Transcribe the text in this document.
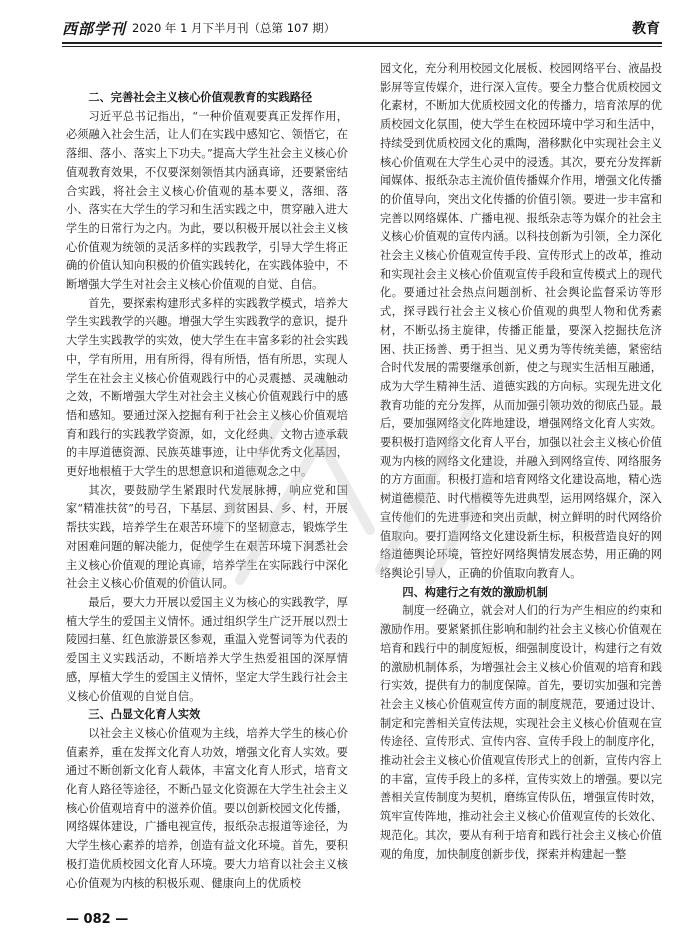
西部学刊 2020 年 1 月下半月刊（总第 107 期）	教育
二、完善社会主义核心价值观教育的实践路径

习近平总书记指出，“一种价值观要真正发挥作用，必须融入社会生活，让人们在实践中感知它、领悟它，在落细、落小、落实上下功夫。”提高大学生社会主义核心价值观教育效果，不仅要深刻领悟其内涵真谛，还要紧密结合实践，将社会主义核心价值观的基本要义，落细、落小、落实在大学生的学习和生活实践之中，贯穿融入进大学生的日常行为之内。为此，要以积极开展以社会主义核心价值观为统领的灵活多样的实践教学，引导大学生将正确的价值认知向积极的价值实践转化，在实践体验中，不断增强大学生对社会主义核心价值观的自觉、自信。

首先，要探索构建形式多样的实践教学模式，培养大学生实践教学的兴趣。增强大学生实践教学的意识，提升大学生实践教学的实效，使大学生在丰富多彩的社会实践中，学有所用，用有所得，得有所悟，悟有所思，实现人学生在社会主义核心价值观践行中的心灵震撼、灵魂触动之效，不断增强大学生对社会主义核心价值观践行中的感悟和感知。要通过深入挖掘有利于社会主义核心价值观培育和践行的实践教学资源，如，文化经典、文物古迹承载的丰厚道德资源、民族英雄事迹，让中华优秀文化基因，更好地根植于大学生的思想意识和道德观念之中。

其次，要鼓励学生紧跟时代发展脉搏，响应党和国家“精准扶贫”的号召，下基层、到贫困县、乡、村，开展帮扶实践，培养学生在艰苦环境下的坚韧意志，锻炼学生对困难问题的解决能力，促使学生在艰苦环境下洞悉社会主义核心价值观的理论真谛，培养学生在实际践行中深化社会主义核心价值观的价值认同。

最后，要大力开展以爱国主义为核心的实践教学，厚植大学生的爱国主义情怀。通过组织学生广泛开展以烈士陵园扫墓、红色旅游景区参观，重温入党誓词等为代表的爱国主义实践活动，不断培养大学生热爱祖国的深厚情感，厚植大学生的爱国主义情怀，坚定大学生践行社会主义核心价值观的自觉自信。

三、凸显文化育人实效

以社会主义核心价值观为主线，培养大学生的核心价值素养，重在发挥文化育人功效，增强文化育人实效。要通过不断创新文化育人载体，丰富文化育人形式，培育文化育人路径等途径，不断凸显文化资源在大学生社会主义核心价值观培育中的滋养价值。要以创新校园文化传播，网络媒体建设，广播电视宣传，报纸杂志报道等途径，为大学生核心素养的培养，创造有益文化环境。首先，要积极打造优质校园文化育人环境。要大力培育以社会主义核心价值观为内核的积极乐观、健康向上的优质校

园文化，充分利用校园文化展板、校园网络平台、液晶投影屏等宣传媒介，进行深入宣传。要全力整合优质校园文化素材，不断加大优质校园文化的传播力，培育浓厚的优质校园文化氛围，使大学生在校园环境中学习和生活中，持续受到优质校园文化的熏陶，潜移默化中实现社会主义核心价值观在大学生心灵中的浸透。其次，要充分发挥新闻媒体、报纸杂志主流价值传播媒介作用，增强文化传播的价值导向，突出文化传播的价值引领。要进一步丰富和完善以网络媒体、广播电视、报纸杂志等为媒介的社会主义核心价值观的宣传内涵。以科技创新为引领，全力深化社会主义核心价值观宣传手段、宣传形式上的改革，推动和实现社会主义核心价值观宣传手段和宣传模式上的现代化。要通过社会热点问题剖析、社会舆论监督采访等形式，探寻践行社会主义核心价值观的典型人物和优秀素材，不断弘扬主旋律，传播正能量，要深入挖掘扶危济困、扶正扬善、勇于担当、见义勇为等传统美德，紧密结合时代发展的需要继承创新，使之与现实生活相互融通，成为大学生精神生活、道德实践的方向标。实现先进文化教育功能的充分发挥，从而加强引领功效的彻底凸显。最后，要加强网络文化阵地建设，增强网络文化育人实效。要积极打造网络文化育人平台，加强以社会主义核心价值观为内核的网络文化建设，并融入到网络宣传、网络服务的方方面面。积极打造和培育网络文化建设高地，精心选树道德模范、时代楷模等先进典型，运用网络媒介，深入宣传他们的先进事迹和突出贡献，树立鲜明的时代网络价值取向。要打造网络文化建设新生标，积极营造良好的网络道德舆论环境，管控好网络舆情发展态势，用正确的网络舆论引导人，正确的价值取向教育人。

四、构建行之有效的激励机制

制度一经确立，就会对人们的行为产生相应的约束和激励作用。要紧紧抓住影响和制约社会主义核心价值观在培育和践行中的制度短板，细强制度设计，构建行之有效的激励机制体系，为增强社会主义核心价值观的培育和践行实效，提供有力的制度保障。首先，要切实加强和完善社会主义核心价值观宣传方面的制度规范，要通过设计、制定和完善相关宣传法规，实现社会主义核心价值观在宣传途径、宣传形式、宣传内容、宣传手段上的制度序化，推动社会主义核心价值观宣传形式上的创新，宣传内容上的丰富，宣传手段上的多样，宣传实效上的增强。要以完善相关宣传制度为契机，磨练宣传队伍，增强宣传时效，筑牢宣传阵地，推动社会主义核心价值观宣传的长效化、规范化。其次，要从有利于培育和践行社会主义核心价值观的角度，加快制度创新步伐，探索并构建起一整

— 082 —
